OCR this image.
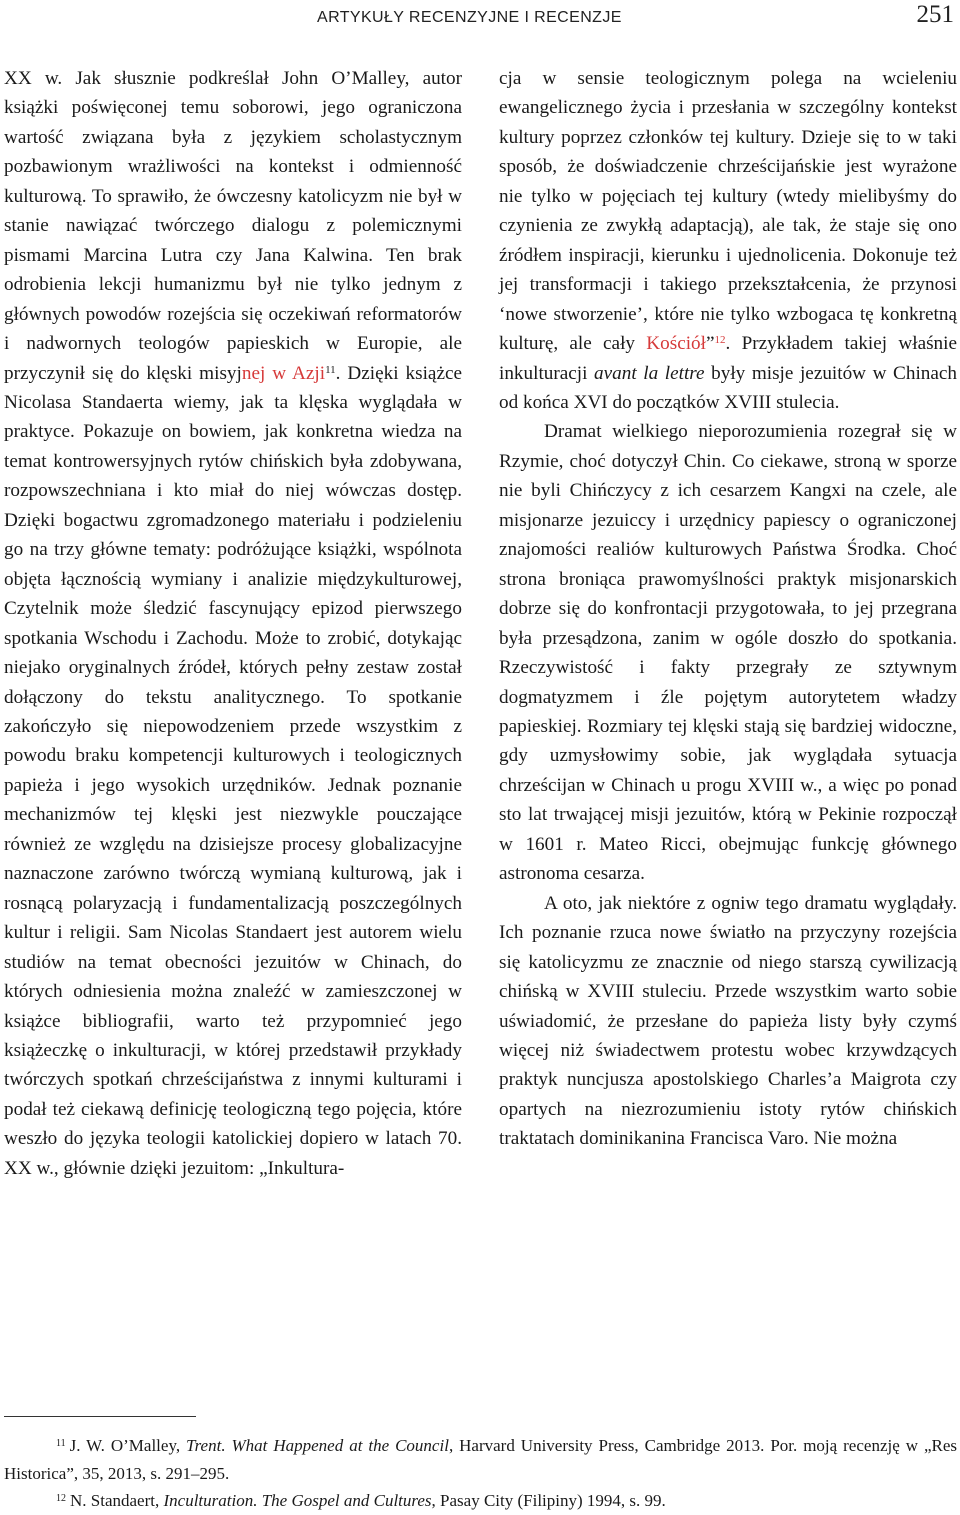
ARTYKUŁY RECENZYJNE I RECENZJE	251

XX w. Jak słusznie podkreślał John O’Malley, autor książki poświęconej temu soborowi, jego ograniczona wartość związana była z językiem scholastycznym pozbawionym wrażliwości na kontekst i odmienność kulturową. To sprawiło, że ówczesny katolicyzm nie był w stanie nawiązać twórczego dialogu z polemicznymi pismami Marcina Lutra czy Jana Kalwina. Ten brak odrobienia lekcji humanizmu był nie tylko jednym z głównych powodów rozejścia się oczekiwań reformatorów i nadwornych teologów papieskich w Europie, ale przyczynił się do klęski misyjnej w Azji$^{11}$. Dzięki książce Nicolasa Standaerta wiemy, jak ta klęska wyglądała w praktyce. Pokazuje on bowiem, jak konkretna wiedza na temat kontrowersyjnych rytów chińskich była zdobywana, rozpowszechniana i kto miał do niej wówczas dostęp. Dzięki bogactwu zgromadzonego materiału i podzieleniu go na trzy główne tematy: podróżujące książki, wspólnota objęta łącznością wymiany i analizie międzykulturowej, Czytelnik może śledzić fascynujący epizod pierwszego spotkania Wschodu i Zachodu. Może to zrobić, dotykając niejako oryginalnych źródeł, których pełny zestaw został dołączony do tekstu analitycznego. To spotkanie zakończyło się niepowodzeniem przede wszystkim z powodu braku kompetencji kulturowych i teologicznych papieża i jego wysokich urzędników. Jednak poznanie mechanizmów tej klęski jest niezwykle pouczające również ze względu na dzisiejsze procesy globalizacyjne naznaczone zarówno twórczą wymianą kulturową, jak i rosnącą polaryzacją i fundamentalizacją poszczególnych kultur i religii. Sam Nicolas Standaert jest autorem wielu studiów na temat obecności jezuitów w Chinach, do których odniesienia można znaleźć w zamieszczonej w książce bibliografii, warto też przypomnieć jego książeczkę o inkulturacji, w której przedstawił przykłady twórczych spotkań chrześcijaństwa z innymi kulturami i podał też ciekawą definicję teologiczną tego pojęcia, które weszło do języka teologii katolickiej dopiero w latach 70. XX w., głównie dzięki jezuitom: „Inkultura-

cja w sensie teologicznym polega na wcieleniu ewangelicznego życia i przesłania w szczególny kontekst kultury poprzez członków tej kultury. Dzieje się to w taki sposób, że doświadczenie chrześcijańskie jest wyrażone nie tylko w pojęciach tej kultury (wtedy mielibyśmy do czynienia ze zwykłą adaptacją), ale tak, że staje się ono źródłem inspiracji, kierunku i ujednolicenia. Dokonuje też jej transformacji i takiego przekształcenia, że przynosi ‘nowe stworzenie’, które nie tylko wzbogaca tę konkretną kulturę, ale cały Kościół”$^{12}$. Przykładem takiej właśnie inkulturacji avant la lettre były misje jezuitów w Chinach od końca XVI do początków XVIII stulecia.

Dramat wielkiego nieporozumienia rozegrał się w Rzymie, choć dotyczył Chin. Co ciekawe, stroną w sporze nie byli Chińczycy z ich cesarzem Kangxi na czele, ale misjonarze jezuiccy i urzędnicy papiescy o ograniczonej znajomości realiów kulturowych Państwa Środka. Choć strona broniąca prawomyślności praktyk misjonarskich dobrze się do konfrontacji przygotowała, to jej przegrana była przesądzona, zanim w ogóle doszło do spotkania. Rzeczywistość i fakty przegrały ze sztywnym dogmatyzmem i źle pojętym autorytetem władzy papieskiej. Rozmiary tej klęski stają się bardziej widoczne, gdy uzmysłowimy sobie, jak wyglądała sytuacja chrześcijan w Chinach u progu XVIII w., a więc po ponad sto lat trwającej misji jezuitów, którą w Pekinie rozpoczął w 1601 r. Mateo Ricci, obejmując funkcję głównego astronoma cesarza.

A oto, jak niektóre z ogniw tego dramatu wyglądały. Ich poznanie rzuca nowe światło na przyczyny rozejścia się katolicyzmu ze znacznie od niego starszą cywilizacją chińską w XVIII stuleciu. Przede wszystkim warto sobie uświadomić, że przesłane do papieża listy były czymś więcej niż świadectwem protestu wobec krzywdzących praktyk nuncjusza apostolskiego Charles’a Maigrota czy opartych na niezrozumieniu istoty rytów chińskich traktatach dominikanina Francisca Varo. Nie można

$^{11}$ J. W. O’Malley, Trent. What Happened at the Council, Harvard University Press, Cambridge 2013. Por. moją recenzję w „Res Historica”, 35, 2013, s. 291–295.

$^{12}$ N. Standaert, Inculturation. The Gospel and Cultures, Pasay City (Filipiny) 1994, s. 99.
